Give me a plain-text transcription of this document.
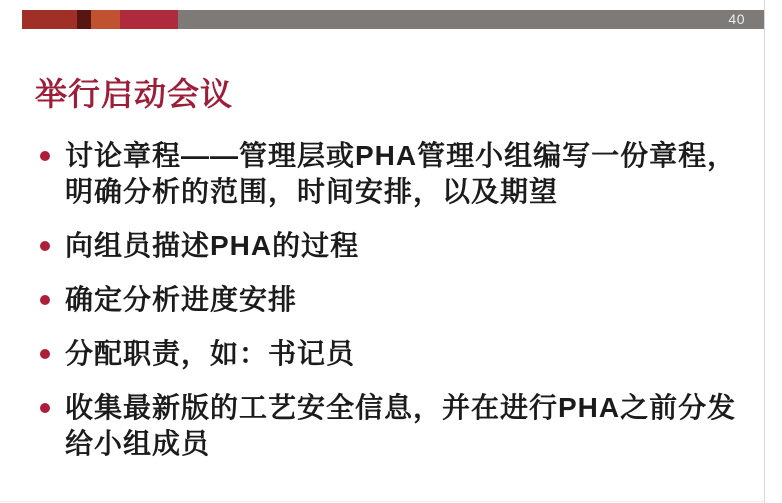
40
举行启动会议
讨论章程——管理层或PHA管理小组编写一份章程，明确分析的范围，时间安排，以及期望
向组员描述PHA的过程
确定分析进度安排
分配职责，如：书记员
收集最新版的工艺安全信息，并在进行PHA之前分发给小组成员
